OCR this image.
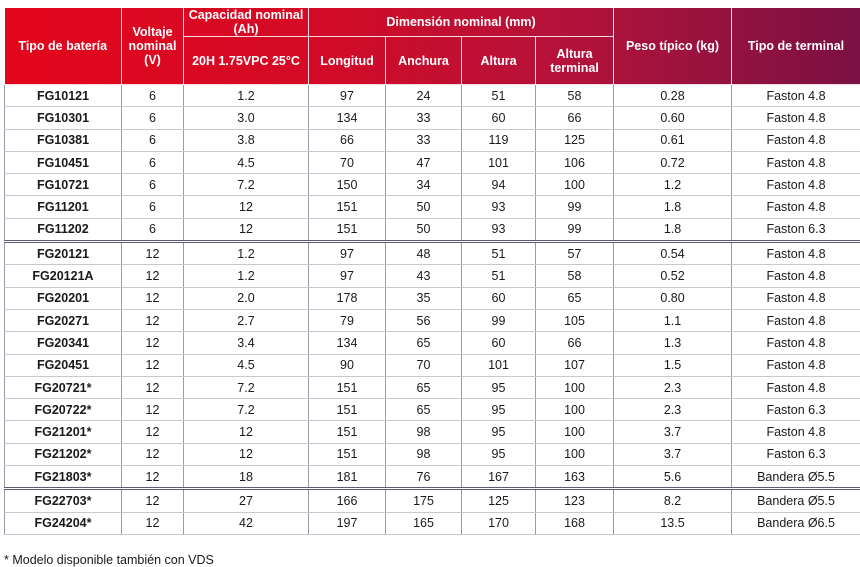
Tipo de batería	Voltaje nominal (V)	Capacidad nominal (Ah)	Dimensión nominal (mm)				Peso típico (kg)	Tipo de terminal
		20H 1.75VPC 25°C	Longitud	Anchura	Altura	Altura terminal		
FG10121	6	1.2	97	24	51	58	0.28	Faston 4.8
FG10301	6	3.0	134	33	60	66	0.60	Faston 4.8
FG10381	6	3.8	66	33	119	125	0.61	Faston 4.8
FG10451	6	4.5	70	47	101	106	0.72	Faston 4.8
FG10721	6	7.2	150	34	94	100	1.2	Faston 4.8
FG11201	6	12	151	50	93	99	1.8	Faston 4.8
FG11202	6	12	151	50	93	99	1.8	Faston 6.3
FG20121	12	1.2	97	48	51	57	0.54	Faston 4.8
FG20121A	12	1.2	97	43	51	58	0.52	Faston 4.8
FG20201	12	2.0	178	35	60	65	0.80	Faston 4.8
FG20271	12	2.7	79	56	99	105	1.1	Faston 4.8
FG20341	12	3.4	134	65	60	66	1.3	Faston 4.8
FG20451	12	4.5	90	70	101	107	1.5	Faston 4.8
FG20721*	12	7.2	151	65	95	100	2.3	Faston 4.8
FG20722*	12	7.2	151	65	95	100	2.3	Faston 6.3
FG21201*	12	12	151	98	95	100	3.7	Faston 4.8
FG21202*	12	12	151	98	95	100	3.7	Faston 6.3
FG21803*	12	18	181	76	167	163	5.6	Bandera Ø5.5
FG22703*	12	27	166	175	125	123	8.2	Bandera Ø5.5
FG24204*	12	42	197	165	170	168	13.5	Bandera Ø6.5
* Modelo disponible también con VDS
